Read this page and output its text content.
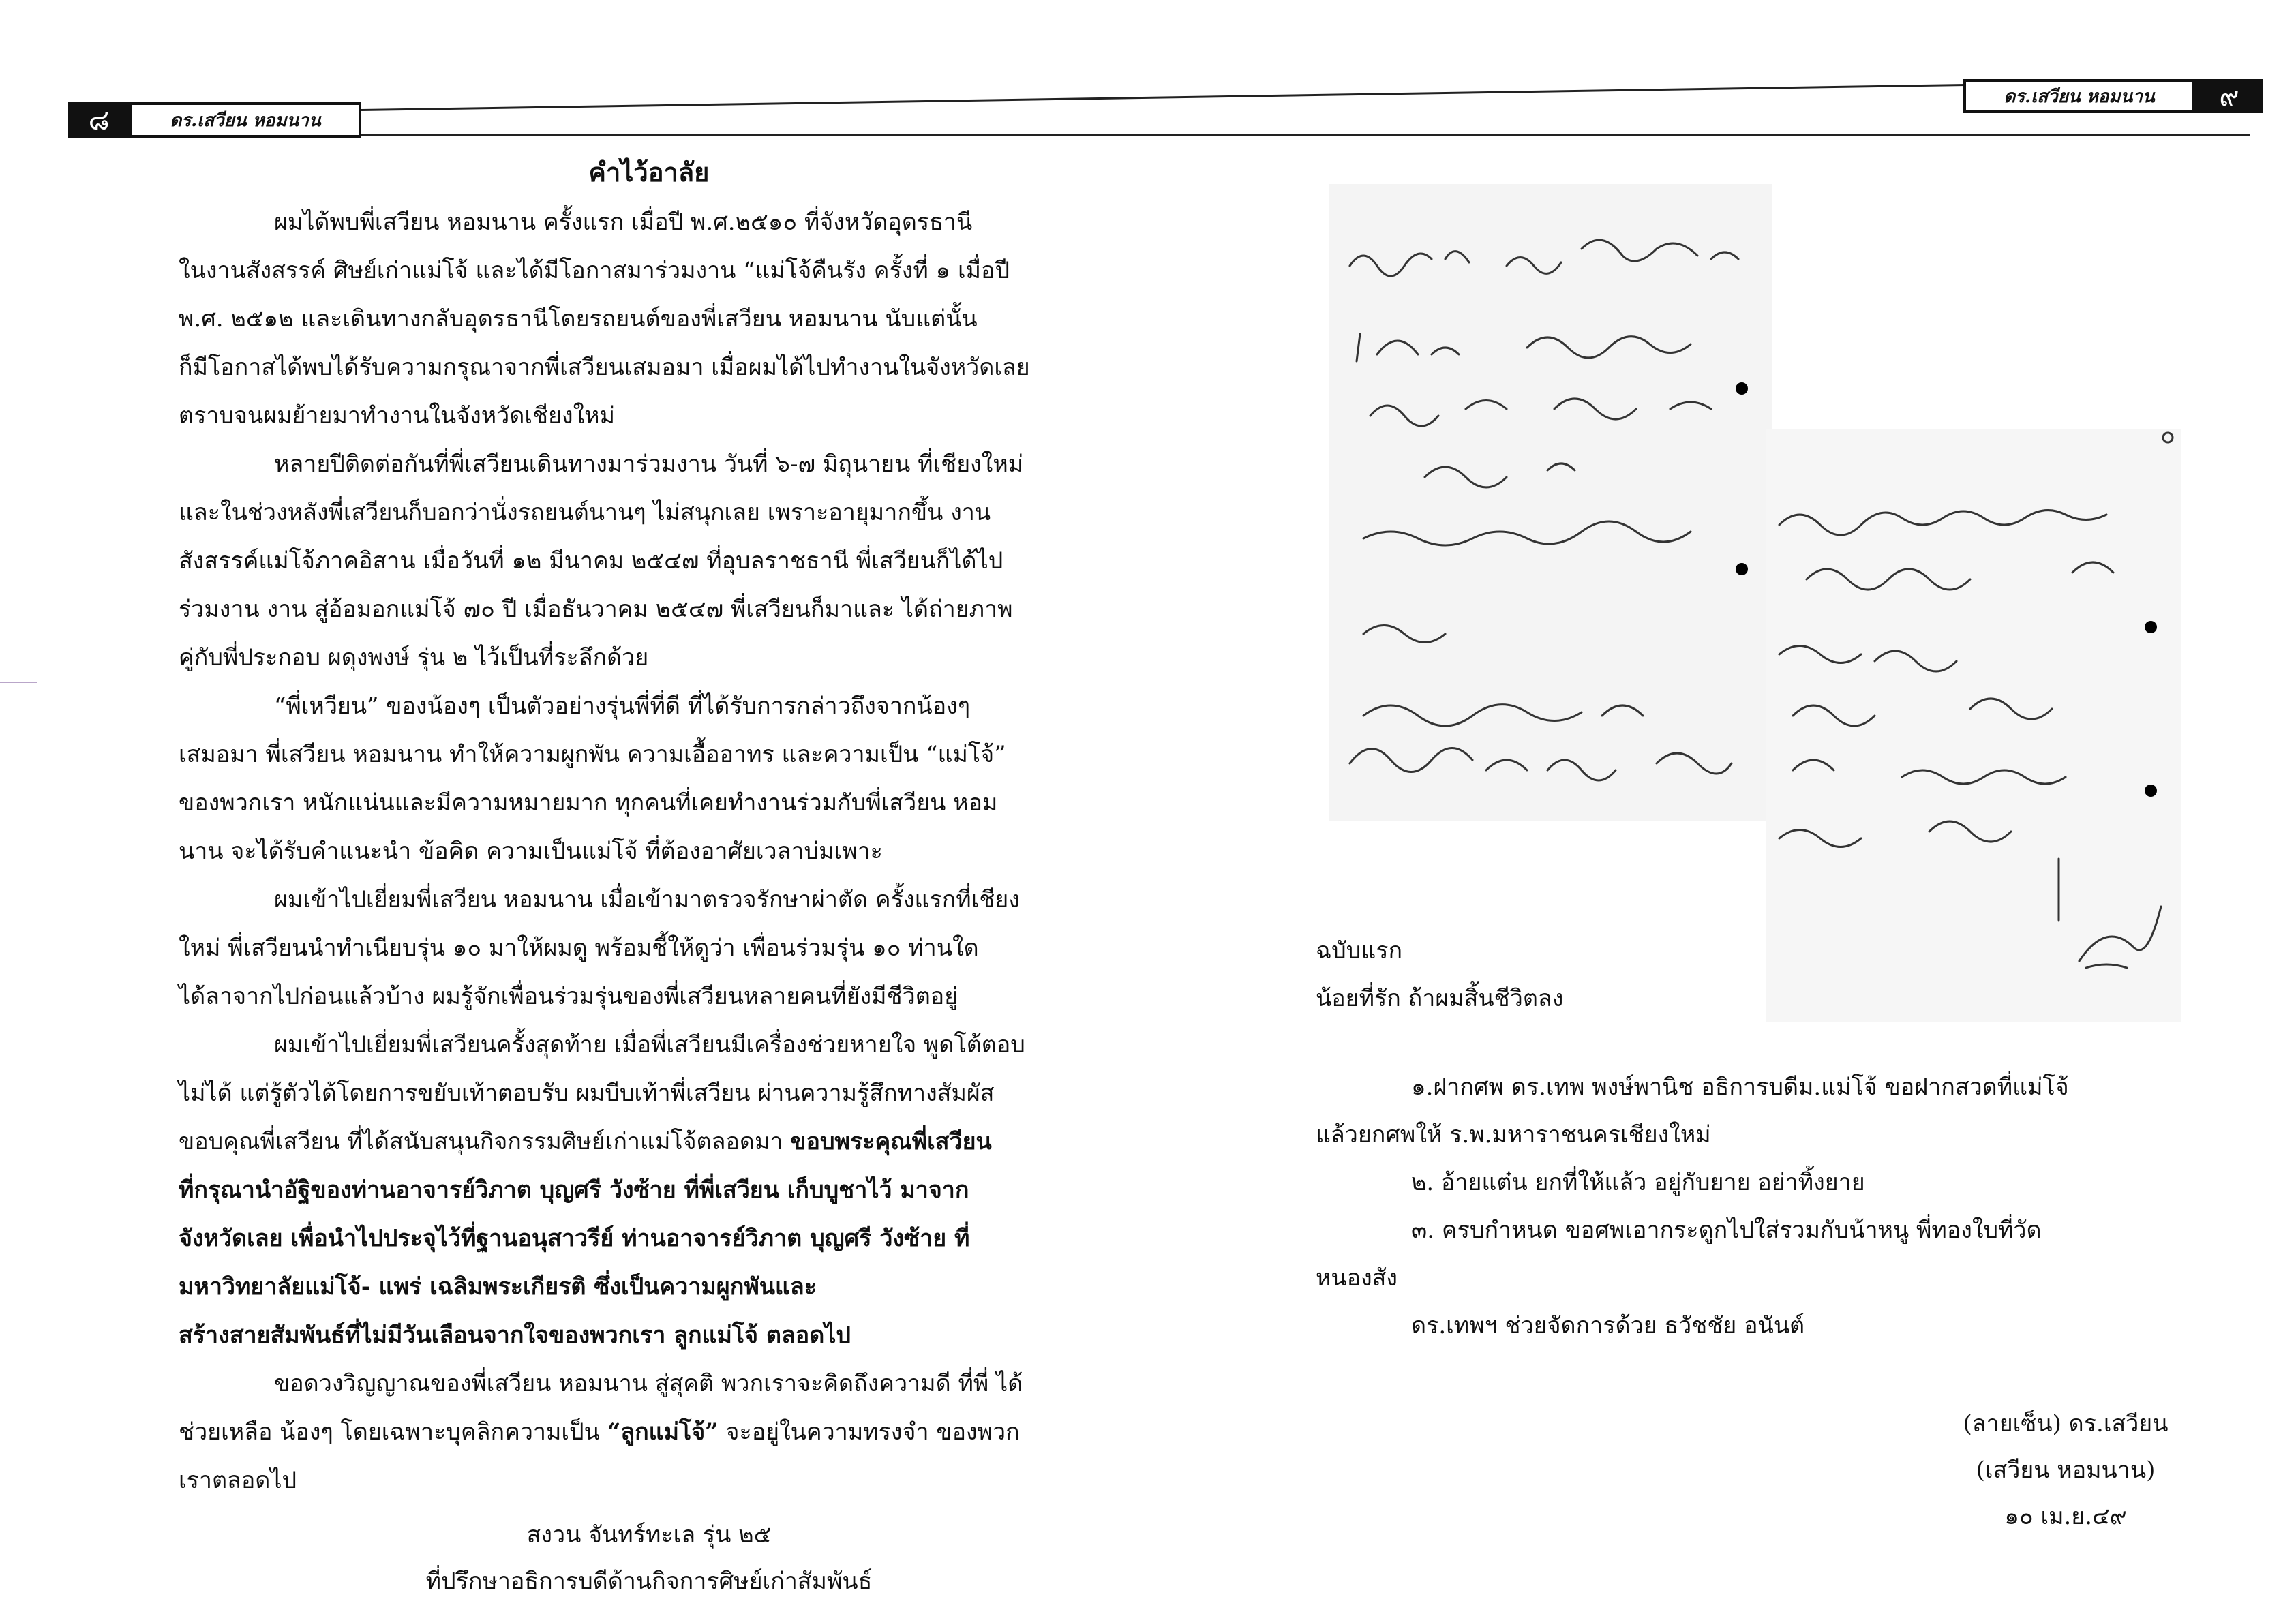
๘	ดร.เสวียน หอมนาน
ดร.เสวียน หอมนาน	๙
คำไว้อาลัย

ผมได้พบพี่เสวียน หอมนาน ครั้งแรก เมื่อปี พ.ศ.๒๕๑๐ ที่จังหวัดอุดรธานี
ในงานสังสรรค์ ศิษย์เก่าแม่โจ้ และได้มีโอกาสมาร่วมงาน “แม่โจ้คืนรัง ครั้งที่ ๑ เมื่อปี
พ.ศ. ๒๕๑๒ และเดินทางกลับอุดรธานีโดยรถยนต์ของพี่เสวียน หอมนาน นับแต่นั้น
ก็มีโอกาสได้พบได้รับความกรุณาจากพี่เสวียนเสมอมา เมื่อผมได้ไปทำงานในจังหวัดเลย
ตราบจนผมย้ายมาทำงานในจังหวัดเชียงใหม่

หลายปีติดต่อกันที่พี่เสวียนเดินทางมาร่วมงาน วันที่ ๖-๗ มิถุนายน ที่เชียงใหม่
และในช่วงหลังพี่เสวียนก็บอกว่านั่งรถยนต์นานๆ ไม่สนุกเลย เพราะอายุมากขึ้น งาน
สังสรรค์แม่โจ้ภาคอิสาน เมื่อวันที่ ๑๒ มีนาคม ๒๕๔๗ ที่อุบลราชธานี พี่เสวียนก็ได้ไป
ร่วมงาน งาน สู่อ้อมอกแม่โจ้ ๗๐ ปี เมื่อธันวาคม ๒๕๔๗ พี่เสวียนก็มาและ ได้ถ่ายภาพ
คู่กับพี่ประกอบ ผดุงพงษ์ รุ่น ๒ ไว้เป็นที่ระลึกด้วย

“พี่เหวียน” ของน้องๆ เป็นตัวอย่างรุ่นพี่ที่ดี ที่ได้รับการกล่าวถึงจากน้องๆ
เสมอมา พี่เสวียน หอมนาน ทำให้ความผูกพัน ความเอื้ออาทร และความเป็น “แม่โจ้”
ของพวกเรา หนักแน่นและมีความหมายมาก ทุกคนที่เคยทำงานร่วมกับพี่เสวียน หอม
นาน จะได้รับคำแนะนำ ข้อคิด ความเป็นแม่โจ้ ที่ต้องอาศัยเวลาบ่มเพาะ

ผมเข้าไปเยี่ยมพี่เสวียน หอมนาน เมื่อเข้ามาตรวจรักษาผ่าตัด ครั้งแรกที่เชียง
ใหม่ พี่เสวียนนำทำเนียบรุ่น ๑๐ มาให้ผมดู พร้อมชี้ให้ดูว่า เพื่อนร่วมรุ่น ๑๐ ท่านใด
ได้ลาจากไปก่อนแล้วบ้าง ผมรู้จักเพื่อนร่วมรุ่นของพี่เสวียนหลายคนที่ยังมีชีวิตอยู่

ผมเข้าไปเยี่ยมพี่เสวียนครั้งสุดท้าย เมื่อพี่เสวียนมีเครื่องช่วยหายใจ พูดโต้ตอบ
ไม่ได้ แต่รู้ตัวได้โดยการขยับเท้าตอบรับ ผมบีบเท้าพี่เสวียน ผ่านความรู้สึกทางสัมผัส
ขอบคุณพี่เสวียน ที่ได้สนับสนุนกิจกรรมศิษย์เก่าแม่โจ้ตลอดมา ขอบพระคุณพี่เสวียน
ที่กรุณานำอัฐิของท่านอาจารย์วิภาต บุญศรี วังซ้าย ที่พี่เสวียน เก็บบูชาไว้ มาจาก
จังหวัดเลย เพื่อนำไปประจุไว้ที่ฐานอนุสาวรีย์ ท่านอาจารย์วิภาต บุญศรี วังซ้าย ที่
มหาวิทยาลัยแม่โจ้- แพร่ เฉลิมพระเกียรติ ซึ่งเป็นความผูกพันและ
สร้างสายสัมพันธ์ที่ไม่มีวันเลือนจากใจของพวกเรา ลูกแม่โจ้ ตลอดไป

ขอดวงวิญญาณของพี่เสวียน หอมนาน สู่สุคติ พวกเราจะคิดถึงความดี ที่พี่ ได้
ช่วยเหลือ น้องๆ โดยเฉพาะบุคลิกความเป็น “ลูกแม่โจ้” จะอยู่ในความทรงจำ ของพวก
เราตลอดไป

สงวน จันทร์ทะเล รุ่น ๒๕
ที่ปรึกษาอธิการบดีด้านกิจการศิษย์เก่าสัมพันธ์
ฉบับแรก
น้อยที่รัก ถ้าผมสิ้นชีวิตลง
๑.ฝากศพ ดร.เทพ พงษ์พานิช อธิการบดีม.แม่โจ้ ขอฝากสวดที่แม่โจ้
แล้วยกศพให้ ร.พ.มหาราชนครเชียงใหม่
๒. อ้ายแต๋น ยกที่ให้แล้ว อยู่กับยาย อย่าทิ้งยาย
๓. ครบกำหนด ขอศพเอากระดูกไปใส่รวมกับน้าหนู พี่ทองใบที่วัด
หนองสัง
ดร.เทพฯ ช่วยจัดการด้วย ธวัชชัย อนันต์
(ลายเซ็น) ดร.เสวียน
(เสวียน หอมนาน)
๑๐ เม.ย.๔๙
